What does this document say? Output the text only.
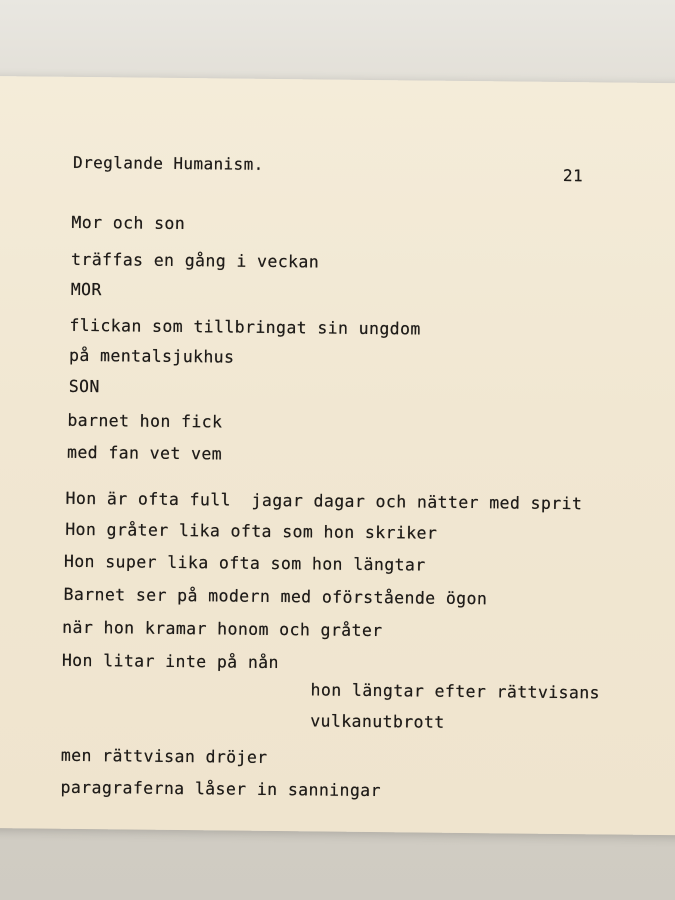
Dreglande Humanism.
21
Mor och son
träffas en gång i veckan
MOR
flickan som tillbringat sin ungdom
på mentalsjukhus
SON
barnet hon fick
med fan vet vem
Hon är ofta full  jagar dagar och nätter med sprit
Hon gråter lika ofta som hon skriker
Hon super lika ofta som hon längtar
Barnet ser på modern med oförstående ögon
när hon kramar honom och gråter
Hon litar inte på nån
hon längtar efter rättvisans
vulkanutbrott
men rättvisan dröjer
paragraferna låser in sanningar
